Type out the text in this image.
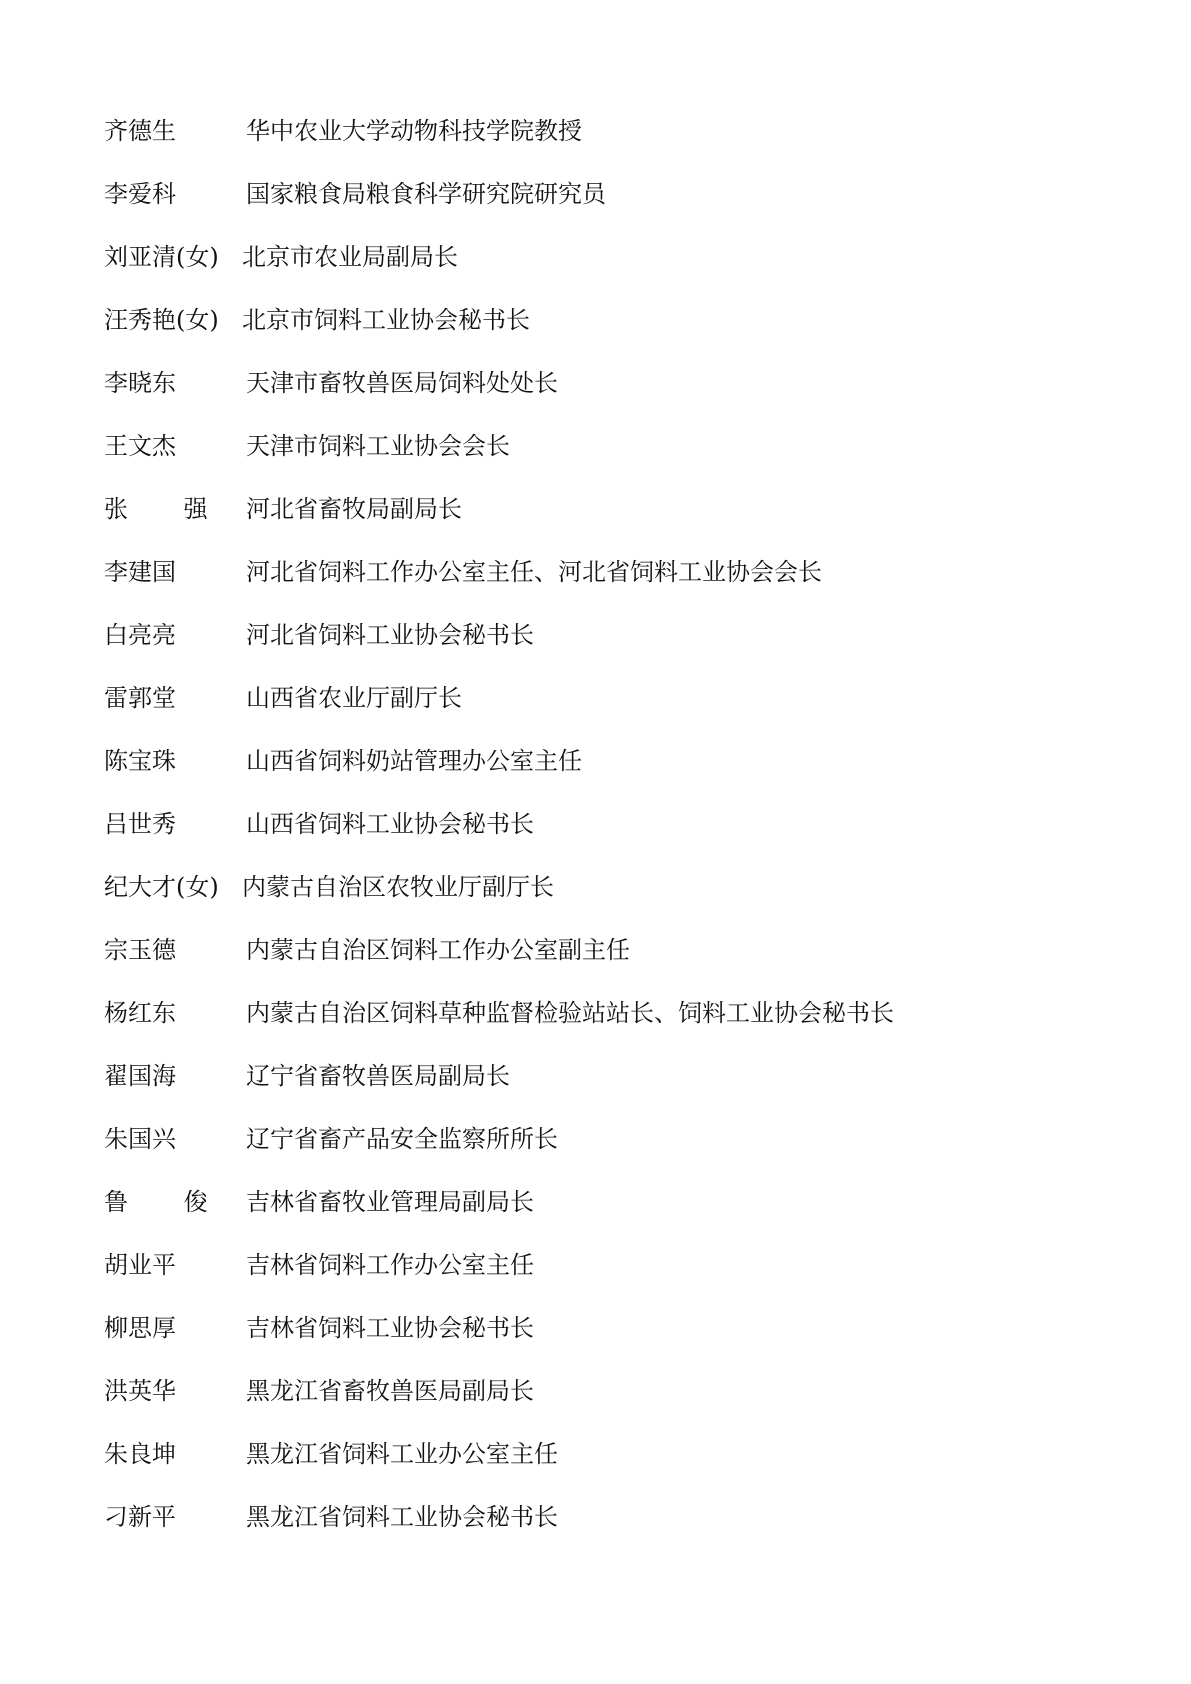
齐德生	华中农业大学动物科技学院教授
李爱科	国家粮食局粮食科学研究院研究员
刘亚清(女) 北京市农业局副局长
汪秀艳(女) 北京市饲料工业协会秘书长
李晓东	天津市畜牧兽医局饲料处处长
王文杰	天津市饲料工业协会会长
张 强 河北省畜牧局副局长
李建国	河北省饲料工作办公室主任、河北省饲料工业协会会长
白亮亮	河北省饲料工业协会秘书长
雷郭堂	山西省农业厅副厅长
陈宝珠	山西省饲料奶站管理办公室主任
吕世秀	山西省饲料工业协会秘书长
纪大才(女) 内蒙古自治区农牧业厅副厅长
宗玉德	内蒙古自治区饲料工作办公室副主任
杨红东	内蒙古自治区饲料草种监督检验站站长、饲料工业协会秘书长
翟国海	辽宁省畜牧兽医局副局长
朱国兴	辽宁省畜产品安全监察所所长
鲁 俊 吉林省畜牧业管理局副局长
胡业平	吉林省饲料工作办公室主任
柳思厚	吉林省饲料工业协会秘书长
洪英华	黑龙江省畜牧兽医局副局长
朱良坤	黑龙江省饲料工业办公室主任
刁新平	黑龙江省饲料工业协会秘书长
